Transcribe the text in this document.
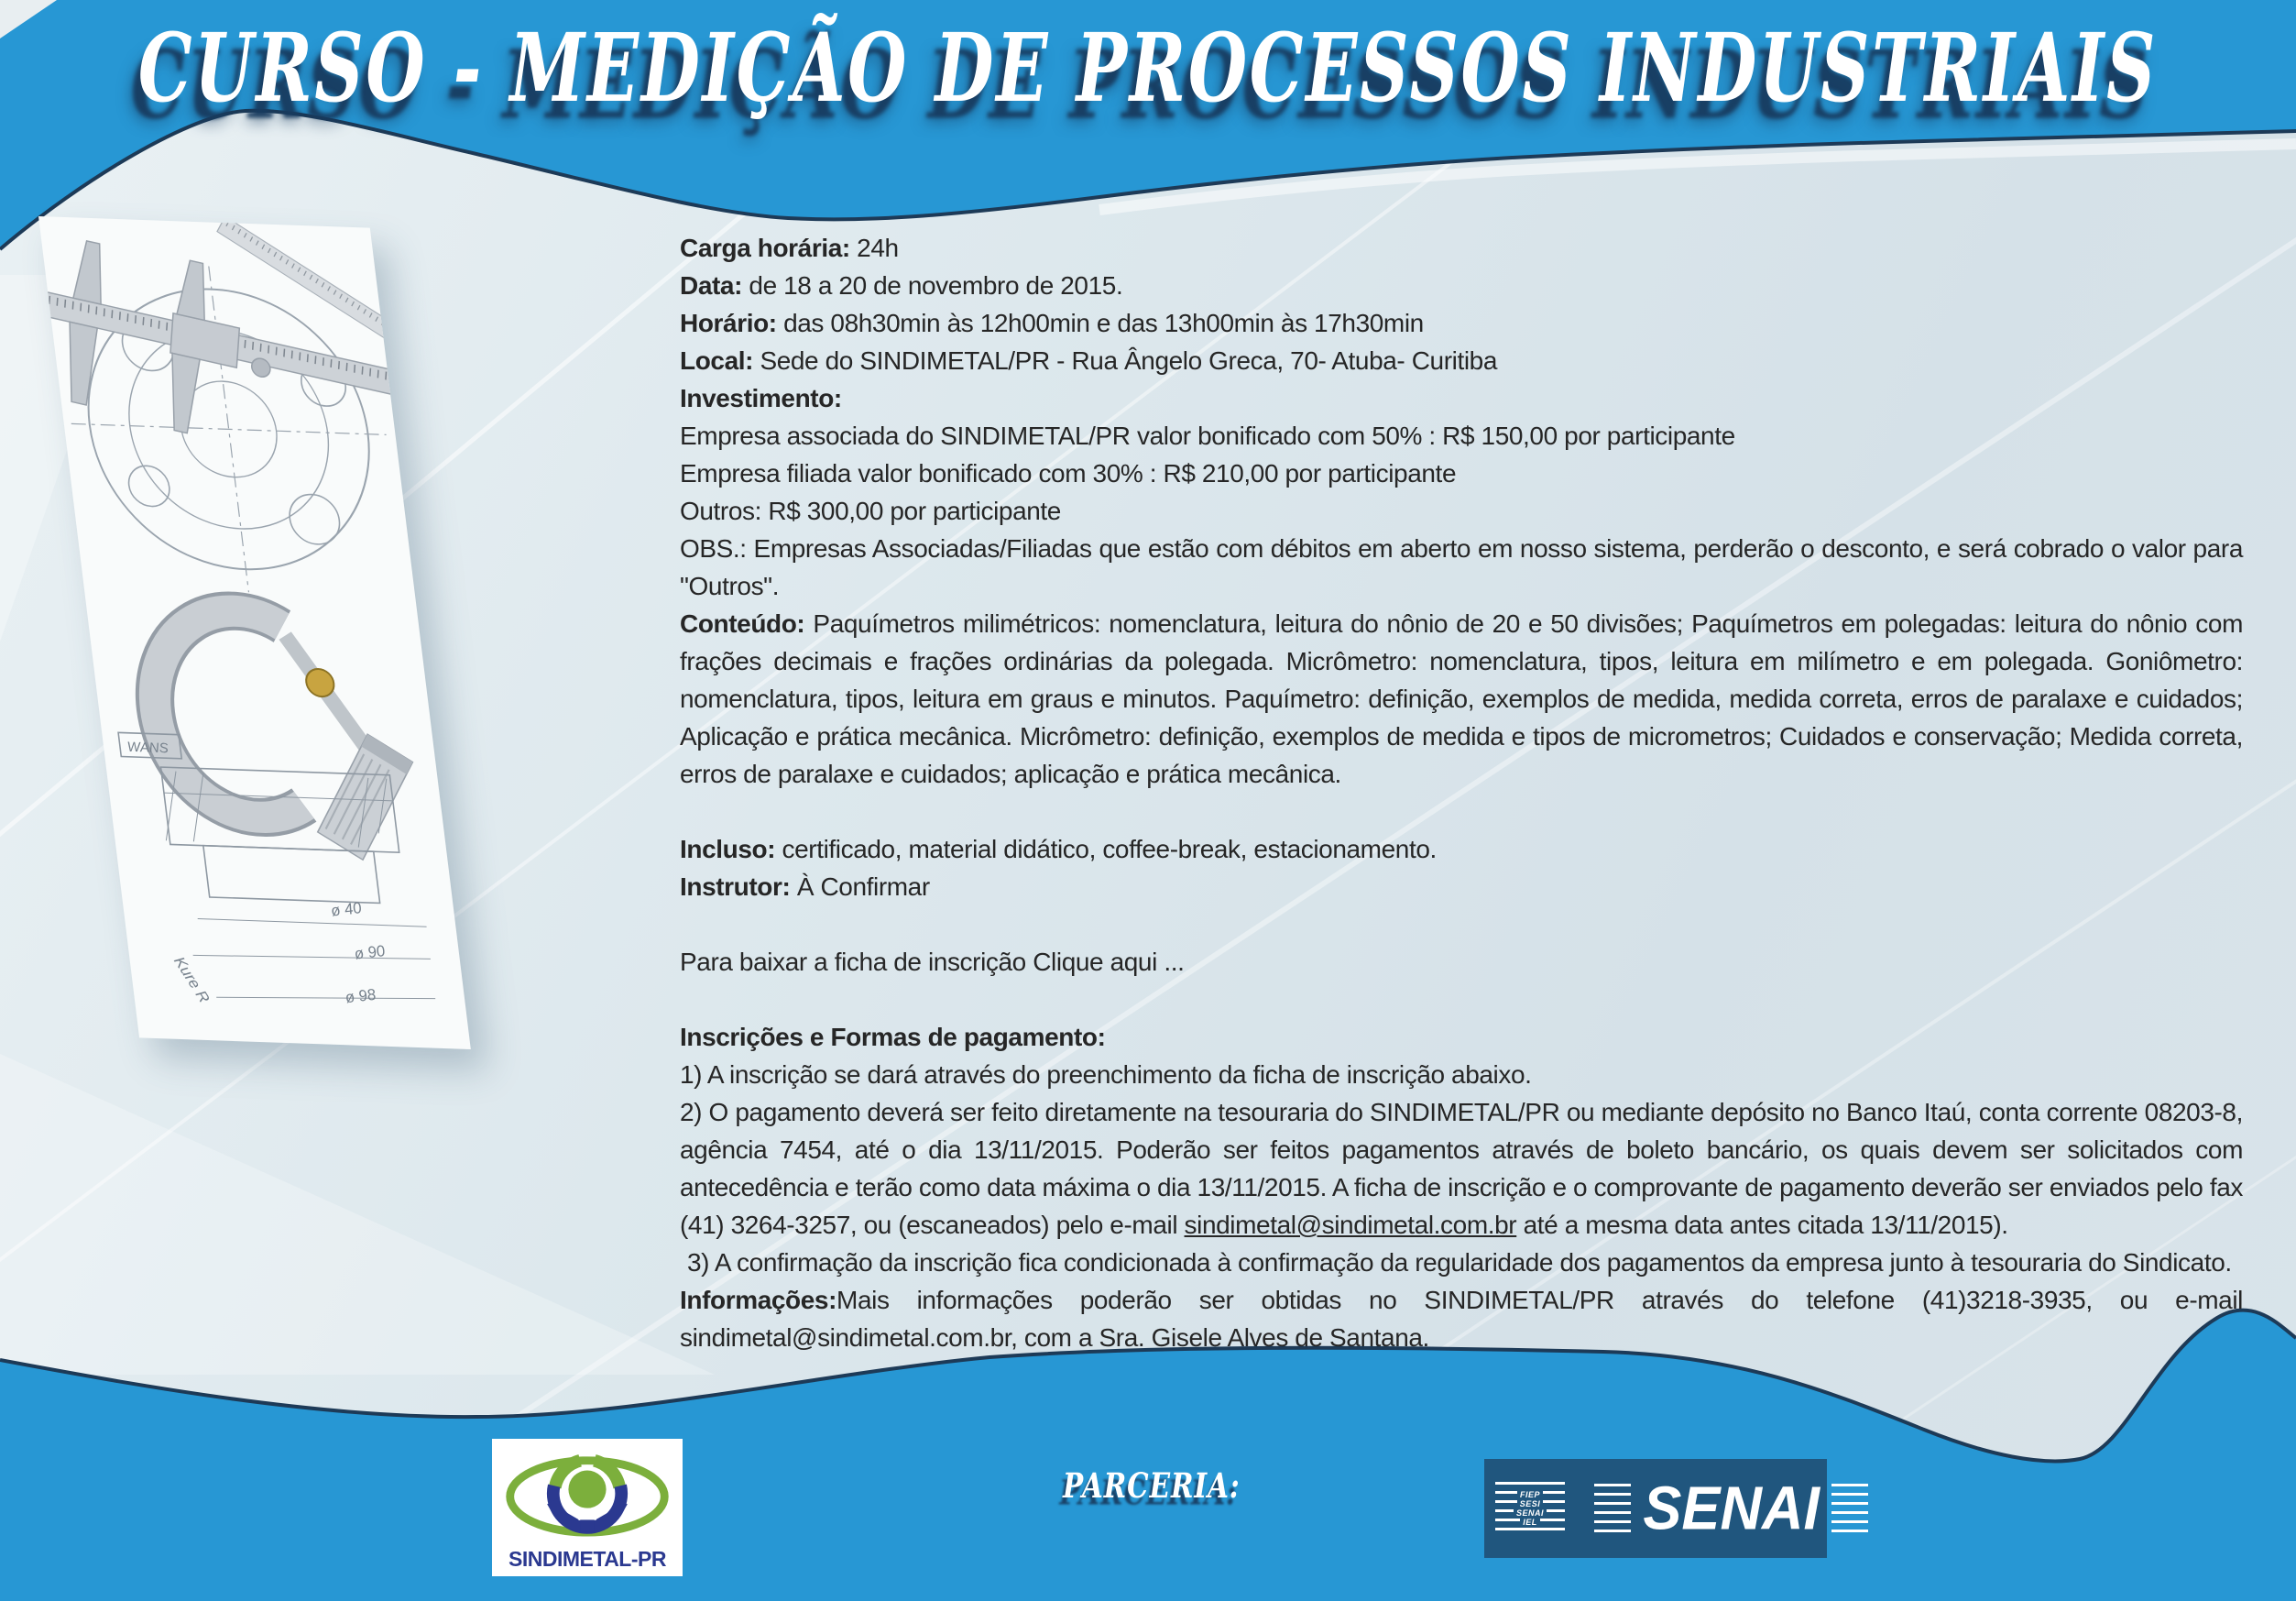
CURSO - MEDIÇÃO DE PROCESSOS INDUSTRIAIS
ø 40
ø 90
ø 98
Kure R
WANS

Carga horária: 24h

Data: de 18 a 20 de novembro de 2015.

Horário: das 08h30min às 12h00min e das 13h00min às 17h30min

Local: Sede do SINDIMETAL/PR - Rua Ângelo Greca, 70- Atuba- Curitiba

Investimento:

Empresa associada do SINDIMETAL/PR valor bonificado com 50% : R$ 150,00 por participante

Empresa filiada valor bonificado com 30% : R$ 210,00 por participante

Outros: R$ 300,00 por participante

OBS.: Empresas Associadas/Filiadas que estão com débitos em aberto em nosso sistema, perderão o desconto, e será cobrado o valor para "Outros".

Conteúdo: Paquímetros milimétricos: nomenclatura, leitura do nônio de 20 e 50 divisões; Paquímetros em polegadas: leitura do nônio com frações decimais e frações ordinárias da polegada. Micrômetro: nomenclatura, tipos, leitura em milímetro e em polegada. Goniômetro: nomenclatura, tipos, leitura em graus e minutos. Paquímetro: definição, exemplos de medida, medida correta, erros de paralaxe e cuidados; Aplicação e prática mecânica. Micrômetro: definição, exemplos de medida e tipos de micrometros; Cuidados e conservação; Medida correta, erros de paralaxe e cuidados; aplicação e prática mecânica.

Incluso: certificado, material didático, coffee-break, estacionamento.

Instrutor: À Confirmar

Para baixar a ficha de inscrição Clique aqui ...

Inscrições e Formas de pagamento:

1) A inscrição se dará através do preenchimento da ficha de inscrição abaixo.

2) O pagamento deverá ser feito diretamente na tesouraria do SINDIMETAL/PR ou mediante depósito no Banco Itaú, conta corrente 08203-8, agência 7454, até o dia 13/11/2015. Poderão ser feitos pagamentos através de boleto bancário, os quais devem ser solicitados com antecedência e terão como data máxima o dia 13/11/2015. A ficha de inscrição e o comprovante de pagamento deverão ser enviados pelo fax (41) 3264-3257, ou (escaneados) pelo e-mail sindimetal@sindimetal.com.br até a mesma data antes citada 13/11/2015).

3) A confirmação da inscrição fica condicionada à confirmação da regularidade dos pagamentos da empresa junto à tesouraria do Sindicato.

Informações:Mais informações poderão ser obtidas no SINDIMETAL/PR através do telefone (41)3218-3935, ou e-mail sindimetal@sindimetal.com.br, com a Sra. Gisele Alves de Santana.

SINDIMETAL-PR
PARCERIA:	FIEP
SESI
SENAI
IEL SENAI
